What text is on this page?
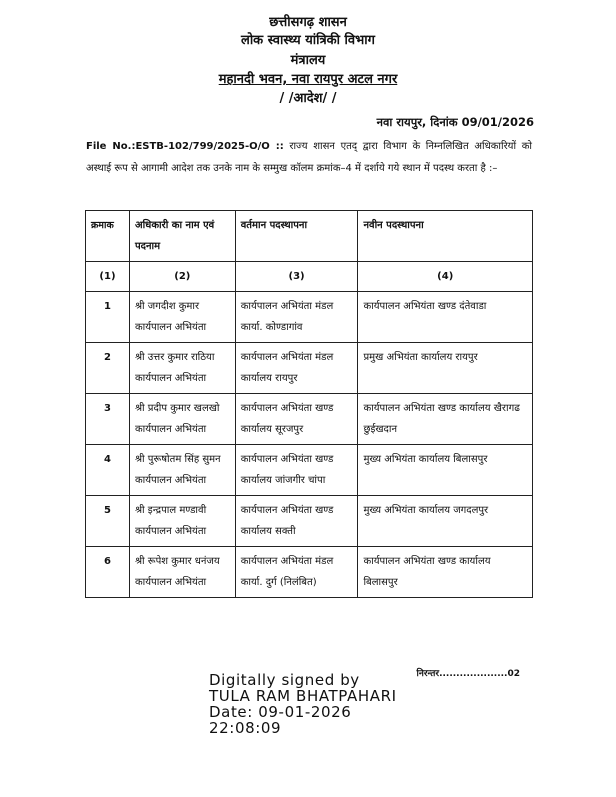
छत्तीसगढ़ शासन
लोक स्वास्थ्य यांत्रिकी विभाग
मंत्रालय
महानदी भवन, नवा रायपुर अटल नगर
/ /आदेश/ /
नवा रायपुर, दिनांक 09/01/2026
File No.:ESTB-102/799/2025-O/O :: राज्य शासन एतद् द्वारा विभाग के निम्नलिखित अधिकारियों को अस्थाई रूप से आगामी आदेश तक उनके नाम के सम्मुख कॉलम क्रमांक–4 में दर्शाये गये स्थान में पदस्थ करता है :–
क्रमाक	अधिकारी का नाम एवं पदनाम	वर्तमान पदस्थापना	नवीन पदस्थापना
(1)	(2)	(3)	(4)
1	श्री जगदीश कुमार
कार्यपालन अभियंता	कार्यपालन अभियंता मंडल कार्या. कोण्डागांव	कार्यपालन अभियंता खण्ड दंतेवाडा
2	श्री उत्तर कुमार राठिया
कार्यपालन अभियंता	कार्यपालन अभियंता मंडल कार्यालय रायपुर	प्रमुख अभियंता कार्यालय रायपुर
3	श्री प्रदीप कुमार खलखो
कार्यपालन अभियंता	कार्यपालन अभियंता खण्ड कार्यालय सूरजपुर	कार्यपालन अभियंता खण्ड कार्यालय खैरागढ छुईखदान
4	श्री पुरूषोतम सिंह सुमन
कार्यपालन अभियंता	कार्यपालन अभियंता खण्ड कार्यालय जांजगीर चांपा	मुख्य अभियंता कार्यालय बिलासपुर
5	श्री इन्द्रपाल मण्डावी
कार्यपालन अभियंता	कार्यपालन अभियंता खण्ड कार्यालय सक्ती	मुख्य अभियंता कार्यालय जगदलपुर
6	श्री रूपेश कुमार धनंजय
कार्यपालन अभियंता	कार्यपालन अभियंता मंडल कार्या. दुर्ग (निलंबित)	कार्यपालन अभियंता खण्ड कार्यालय बिलासपुर
निरन्तर....................02
Digitally signed by
TULA RAM BHATPAHARI
Date: 09-01-2026
22:08:09
